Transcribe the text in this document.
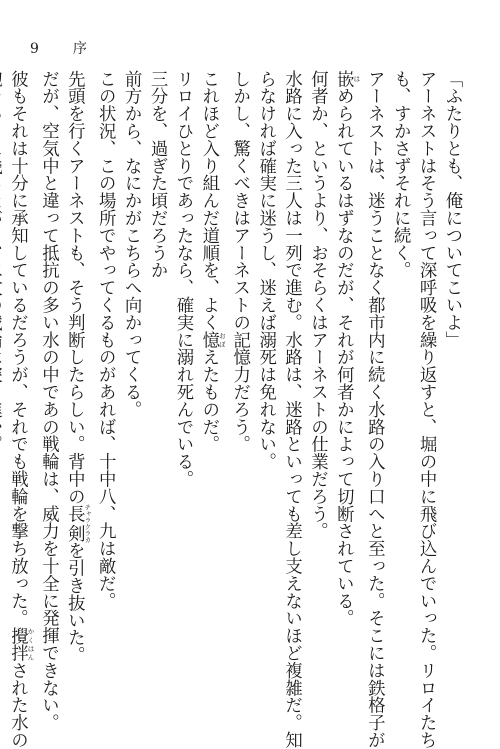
9 序
「ふたりとも、俺についてこいよ」
アーネストはそう言って深呼吸を繰り返すと、堀の中に飛び込んでいった。リロイたち
も、すかさずそれに続く。
アーネストは、迷うことなく都市内に続く水路の入り口へと至った。そこには鉄格子が
嵌 はめられているはずなのだが、それが何者かによって切断されている。
何者か、というより、おそらくはアーネストの仕業だろう。
水路に入った三人は一列で進む。水路は、迷路といっても差し支えないほど複雑だ。知
らなければ確実に迷うし、迷えば溺死は免れない。
しかし、驚くべきはアーネストの記憶力だろう。
これほど入り組んだ道順を、よく憶 おぼえたものだ。
リロイひとりであったなら、確実に溺れ死んでいる。
三分を、過ぎた頃だろうか
前方から、なにかがこちらへ向かってくる。
この状況、この場所でやってくるものがあれば、十中八、九は敵だ。
先頭を行くアーネストも、そう判断したらしい。背中の長剣 チャラクラカを引き抜いた。
だが、空気中と違って抵抗の多い水の中であの戦輪は、威力を十全に発揮できない。
彼もそれは十分に承知しているだろうが、それでも戦輪を撃ち放った。攪拌 かくはんされた水の
